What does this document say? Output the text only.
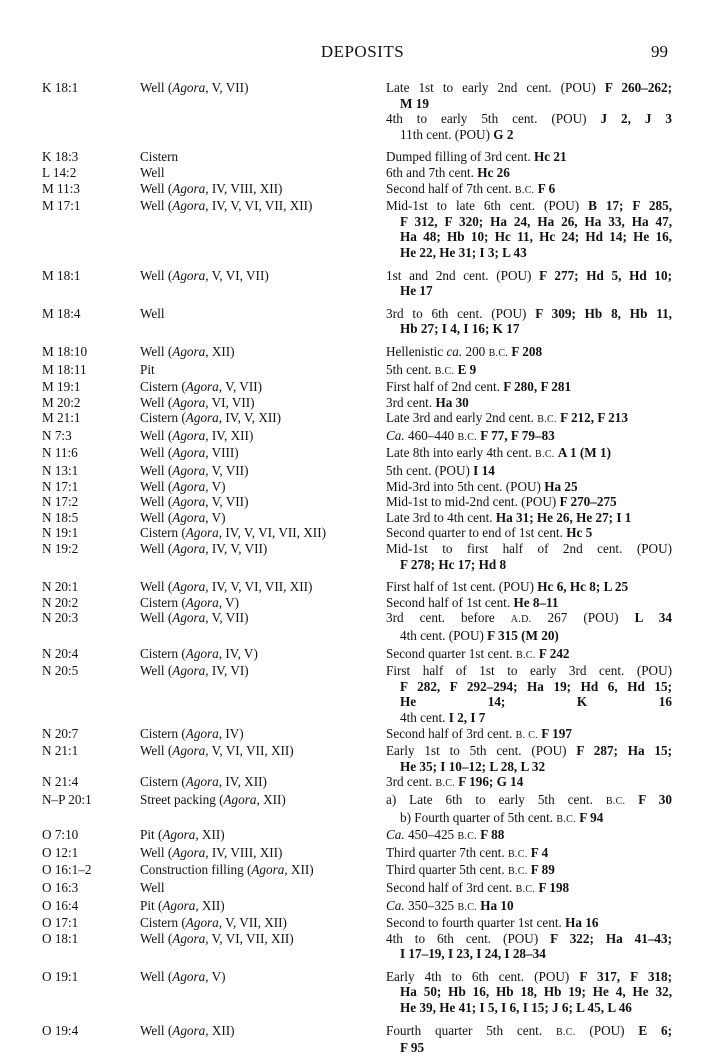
DEPOSITS	99
K 18:1	Well (Agora, V, VII)	Late 1st to early 2nd cent. (POU) F 260–262;
M 19
4th to early 5th cent. (POU) J 2, J 3
11th cent. (POU) G 2
K 18:3	Cistern	Dumped filling of 3rd cent. Hc 21
L 14:2	Well	6th and 7th cent. Hc 26
M 11:3	Well (Agora, IV, VIII, XII)	Second half of 7th cent. B.C. F 6
M 17:1	Well (Agora, IV, V, VI, VII, XII)	Mid-1st to late 6th cent. (POU) B 17; F 285,
F 312, F 320; Ha 24, Ha 26, Ha 33, Ha 47,
Ha 48; Hb 10; Hc 11, Hc 24; Hd 14; He 16,
He 22, He 31; I 3; L 43
M 18:1	Well (Agora, V, VI, VII)	1st and 2nd cent. (POU) F 277; Hd 5, Hd 10;
He 17
M 18:4	Well	3rd to 6th cent. (POU) F 309; Hb 8, Hb 11,
Hb 27; I 4, I 16; K 17
M 18:10	Well (Agora, XII)	Hellenistic ca. 200 B.C. F 208
M 18:11	Pit	5th cent. B.C. E 9
M 19:1	Cistern (Agora, V, VII)	First half of 2nd cent. F 280, F 281
M 20:2	Well (Agora, VI, VII)	3rd cent. Ha 30
M 21:1	Cistern (Agora, IV, V, XII)	Late 3rd and early 2nd cent. B.C. F 212, F 213
N 7:3	Well (Agora, IV, XII)	Ca. 460–440 B.C. F 77, F 79–83
N 11:6	Well (Agora, VIII)	Late 8th into early 4th cent. B.C. A 1 (M 1)
N 13:1	Well (Agora, V, VII)	5th cent. (POU) I 14
N 17:1	Well (Agora, V)	Mid-3rd into 5th cent. (POU) Ha 25
N 17:2	Well (Agora, V, VII)	Mid-1st to mid-2nd cent. (POU) F 270–275
N 18:5	Well (Agora, V)	Late 3rd to 4th cent. Ha 31; He 26, He 27; I 1
N 19:1	Cistern (Agora, IV, V, VI, VII, XII)	Second quarter to end of 1st cent. Hc 5
N 19:2	Well (Agora, IV, V, VII)	Mid-1st to first half of 2nd cent. (POU)
F 278; Hc 17; Hd 8
N 20:1	Well (Agora, IV, V, VI, VII, XII)	First half of 1st cent. (POU) Hc 6, Hc 8; L 25
N 20:2	Cistern (Agora, V)	Second half of 1st cent. He 8–11
N 20:3	Well (Agora, V, VII)	3rd cent. before A.D. 267 (POU) L 34
4th cent. (POU) F 315 (M 20)
N 20:4	Cistern (Agora, IV, V)	Second quarter 1st cent. B.C. F 242
N 20:5	Well (Agora, IV, VI)	First half of 1st to early 3rd cent. (POU)
F 282, F 292–294; Ha 19; Hd 6, Hd 15;
He 14; K 16
4th cent. I 2, I 7
N 20:7	Cistern (Agora, IV)	Second half of 3rd cent. B. C. F 197
N 21:1	Well (Agora, V, VI, VII, XII)	Early 1st to 5th cent. (POU) F 287; Ha 15;
He 35; I 10–12; L 28, L 32
N 21:4	Cistern (Agora, IV, XII)	3rd cent. B.C. F 196; G 14
N–P 20:1	Street packing (Agora, XII)	a) Late 6th to early 5th cent. B.C. F 30
b) Fourth quarter of 5th cent. B.C. F 94
O 7:10	Pit (Agora, XII)	Ca. 450–425 B.C. F 88
O 12:1	Well (Agora, IV, VIII, XII)	Third quarter 7th cent. B.C. F 4
O 16:1–2	Construction filling (Agora, XII)	Third quarter 5th cent. B.C. F 89
O 16:3	Well	Second half of 3rd cent. B.C. F 198
O 16:4	Pit (Agora, XII)	Ca. 350–325 B.C. Ha 10
O 17:1	Cistern (Agora, V, VII, XII)	Second to fourth quarter 1st cent. Ha 16
O 18:1	Well (Agora, V, VI, VII, XII)	4th to 6th cent. (POU) F 322; Ha 41–43;
I 17–19, I 23, I 24, I 28–34
O 19:1	Well (Agora, V)	Early 4th to 6th cent. (POU) F 317, F 318;
Ha 50; Hb 16, Hb 18, Hb 19; He 4, He 32,
He 39, He 41; I 5, I 6, I 15; J 6; L 45, L 46
O 19:4	Well (Agora, XII)	Fourth quarter 5th cent. B.C. (POU) E 6;
F 95
